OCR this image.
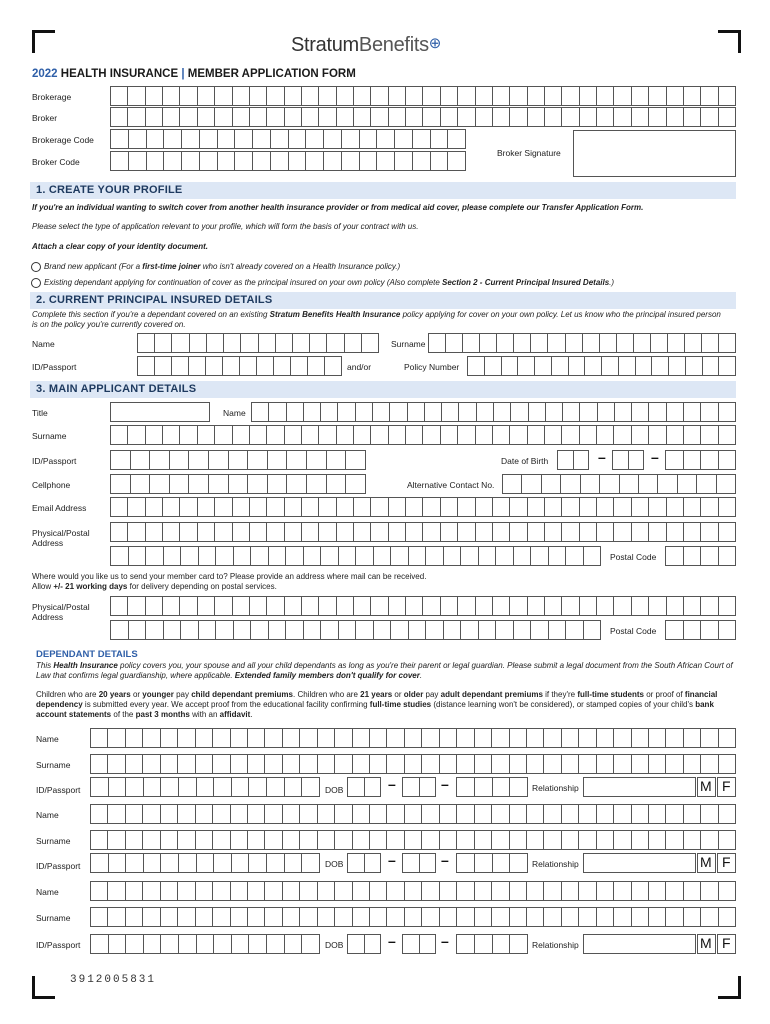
StratumBenefits⊕
2022 HEALTH INSURANCE | MEMBER APPLICATION FORM
Brokerage
Broker
Brokerage Code
Broker Code
Broker Signature
1. CREATE YOUR PROFILE
If you're an individual wanting to switch cover from another health insurance provider or from medical aid cover, please complete our Transfer Application Form.
Please select the type of application relevant to your profile, which will form the basis of your contract with us.
Attach a clear copy of your identity document.
Brand new applicant (For a first-time joiner who isn't already covered on a Health Insurance policy.)
Existing dependant applying for continuation of cover as the principal insured on your own policy (Also complete Section 2 - Current Principal Insured Details.)
2. CURRENT PRINCIPAL INSURED DETAILS
Complete this section if you're a dependant covered on an existing Stratum Benefits Health Insurance policy applying for cover on your own policy. Let us know who the principal insured person is on the policy you're currently covered on.
Name	Surname
ID/Passport	and/or	Policy Number
3. MAIN APPLICANT DETAILS
Title	Name
Surname
ID/Passport	Date of Birth	–	–
Cellphone	Alternative Contact No.
Email Address
Physical/Postal
Address
Postal Code
Where would you like us to send your member card to? Please provide an address where mail can be received.
Allow +/- 21 working days for delivery depending on postal services.
Physical/Postal
Address
Postal Code
DEPENDANT DETAILS
This Health Insurance policy covers you, your spouse and all your child dependants as long as you're their parent or legal guardian. Please submit a legal document from the South African Court of Law that confirms legal guardianship, where applicable. Extended family members don't qualify for cover.
Children who are 20 years or younger pay child dependant premiums. Children who are 21 years or older pay adult dependant premiums if they're full-time students or proof of financial dependency is submitted every year. We accept proof from the educational facility confirming full-time studies (distance learning won't be considered), or stamped copies of your child's bank account statements of the past 3 months with an affidavit.
Name
Surname
ID/Passport	DOB	–	–	Relationship	M F
Name
Surname
ID/Passport	DOB	–	–	Relationship	M F
Name
Surname
ID/Passport	DOB	–	–	Relationship	M F
3912005831
